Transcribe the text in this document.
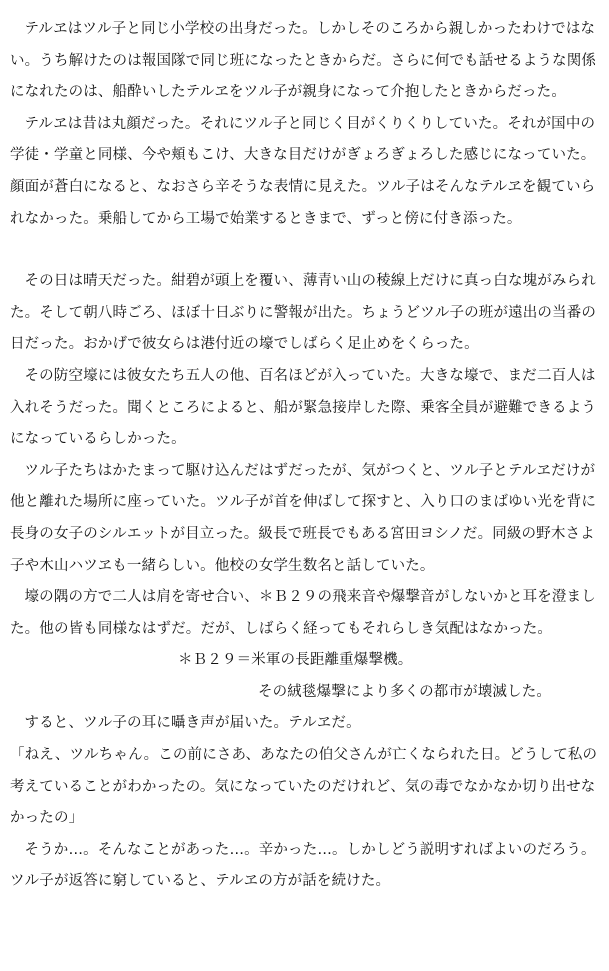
テルヱはツル子と同じ小学校の出身だった。しかしそのころから親しかったわけではない。うち解けたのは報国隊で同じ班になったときからだ。さらに何でも話せるような関係になれたのは、船酔いしたテルヱをツル子が親身になって介抱したときからだった。

テルヱは昔は丸顔だった。それにツル子と同じく目がくりくりしていた。それが国中の学徒・学童と同様、今や頬もこけ、大きな目だけがぎょろぎょろした感じになっていた。顔面が蒼白になると、なおさら辛そうな表情に見えた。ツル子はそんなテルヱを観ていられなかった。乗船してから工場で始業するときまで、ずっと傍に付き添った。

その日は晴天だった。紺碧が頭上を覆い、薄青い山の稜線上だけに真っ白な塊がみられた。そして朝八時ごろ、ほぼ十日ぶりに警報が出た。ちょうどツル子の班が遠出の当番の日だった。おかげで彼女らは港付近の壕でしばらく足止めをくらった。

その防空壕には彼女たち五人の他、百名ほどが入っていた。大きな壕で、まだ二百人は入れそうだった。聞くところによると、船が緊急接岸した際、乗客全員が避難できるようになっているらしかった。

ツル子たちはかたまって駆け込んだはずだったが、気がつくと、ツル子とテルヱだけが他と離れた場所に座っていた。ツル子が首を伸ばして探すと、入り口のまばゆい光を背に長身の女子のシルエットが目立った。級長で班長でもある宮田ヨシノだ。同級の野木さよ子や木山ハツヱも一緒らしい。他校の女学生数名と話していた。

壕の隅の方で二人は肩を寄せ合い、＊Ｂ２９の飛来音や爆撃音がしないかと耳を澄ました。他の皆も同様なはずだ。だが、しばらく経ってもそれらしき気配はなかった。

＊Ｂ２９＝米軍の長距離重爆撃機。

その絨毯爆撃により多くの都市が壊滅した。

すると、ツル子の耳に囁き声が届いた。テルヱだ。

「ねえ、ツルちゃん。この前にさあ、あなたの伯父さんが亡くなられた日。どうして私の考えていることがわかったの。気になっていたのだけれど、気の毒でなかなか切り出せなかったの」

そうか…。そんなことがあった…。辛かった…。しかしどう説明すればよいのだろう。ツル子が返答に窮していると、テルヱの方が話を続けた。
